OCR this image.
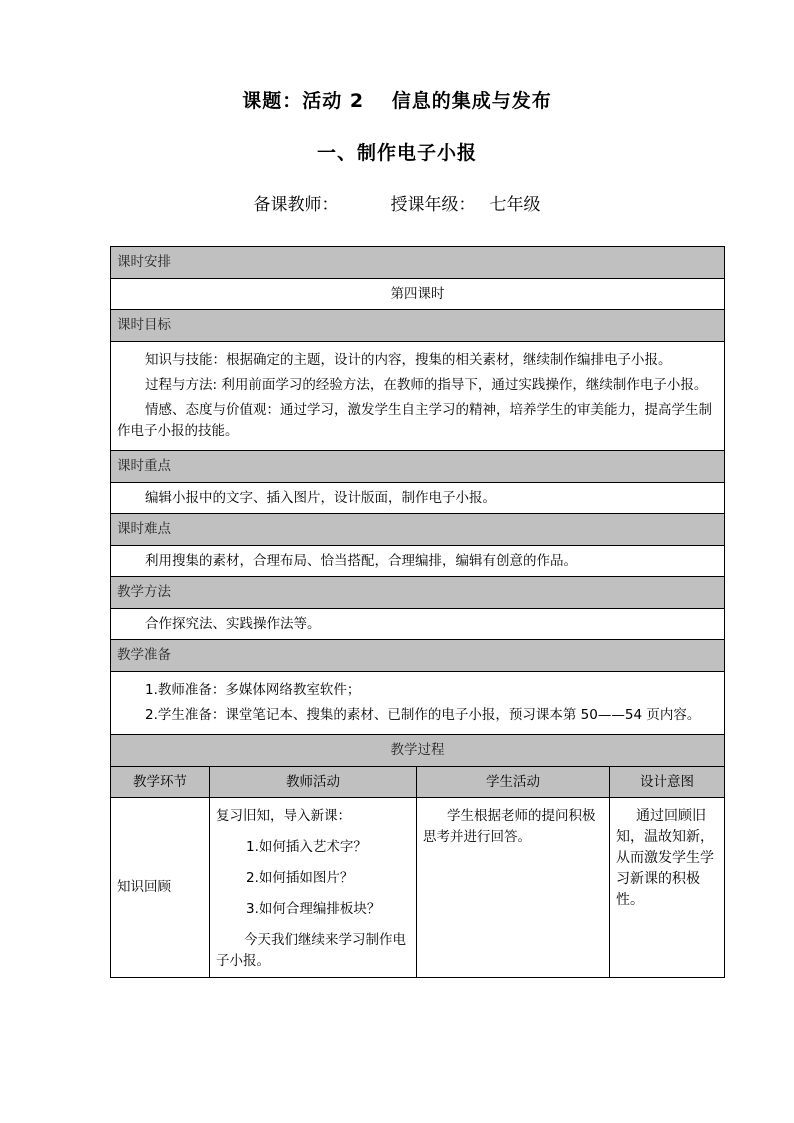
课题：活动 2　 信息的集成与发布
一、制作电子小报
备课教师：	授课年级： 七年级
课时安排			
第四课时			
课时目标			

知识与技能：根据确定的主题，设计的内容，搜集的相关素材，继续制作编排电子小报。

过程与方法: 利用前面学习的经验方法，在教师的指导下，通过实践操作，继续制作电子小报。

情感、态度与价值观：通过学习，激发学生自主学习的精神，培养学生的审美能力，提高学生制作电子小报的技能。			

课时重点			

编辑小报中的文字、插入图片，设计版面，制作电子小报。			

课时难点			

利用搜集的素材，合理布局、恰当搭配，合理编排，编辑有创意的作品。			

教学方法			

合作探究法、实践操作法等。			

教学准备			

1.教师准备：多媒体网络教室软件；

2.学生准备：课堂笔记本、搜集的素材、已制作的电子小报，预习课本第 50——54 页内容。			

教学过程			
教学环节	教师活动	学生活动	设计意图
知识回顾	复习旧知，导入新课：

1.如何插入艺术字？

2.如何插如图片？

3.如何合理编排板块？

今天我们继续来学习制作电子小报。	学生根据老师的提问积极思考并进行回答。	通过回顾旧知，温故知新，从而激发学生学习新课的积极性。
